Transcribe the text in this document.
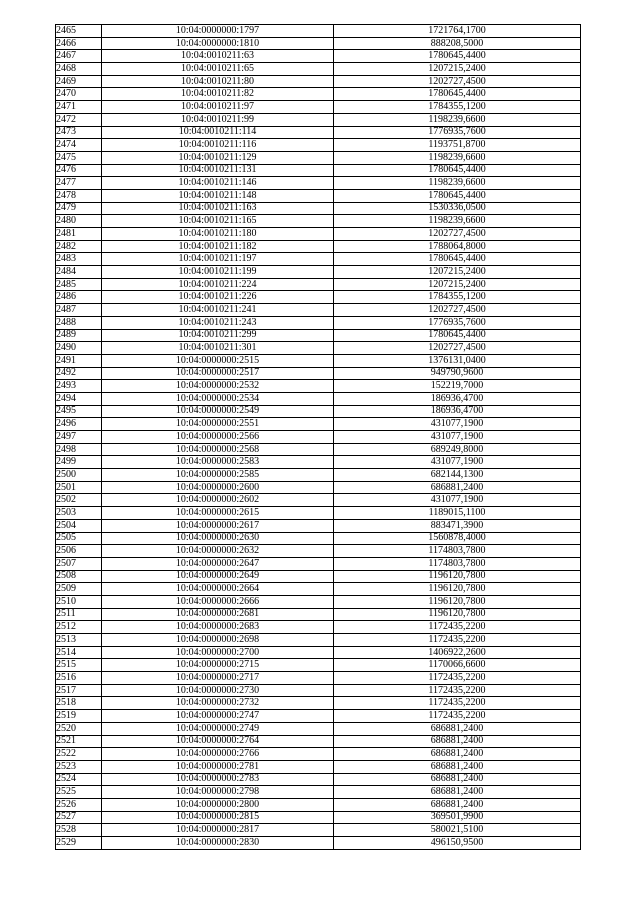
2465	10:04:0000000:1797	1721764,1700
2466	10:04:0000000:1810	888208,5000
2467	10:04:0010211:63	1780645,4400
2468	10:04:0010211:65	1207215,2400
2469	10:04:0010211:80	1202727,4500
2470	10:04:0010211:82	1780645,4400
2471	10:04:0010211:97	1784355,1200
2472	10:04:0010211:99	1198239,6600
2473	10:04:0010211:114	1776935,7600
2474	10:04:0010211:116	1193751,8700
2475	10:04:0010211:129	1198239,6600
2476	10:04:0010211:131	1780645,4400
2477	10:04:0010211:146	1198239,6600
2478	10:04:0010211:148	1780645,4400
2479	10:04:0010211:163	1530336,0500
2480	10:04:0010211:165	1198239,6600
2481	10:04:0010211:180	1202727,4500
2482	10:04:0010211:182	1788064,8000
2483	10:04:0010211:197	1780645,4400
2484	10:04:0010211:199	1207215,2400
2485	10:04:0010211:224	1207215,2400
2486	10:04:0010211:226	1784355,1200
2487	10:04:0010211:241	1202727,4500
2488	10:04:0010211:243	1776935,7600
2489	10:04:0010211:299	1780645,4400
2490	10:04:0010211:301	1202727,4500
2491	10:04:0000000:2515	1376131,0400
2492	10:04:0000000:2517	949790,9600
2493	10:04:0000000:2532	152219,7000
2494	10:04:0000000:2534	186936,4700
2495	10:04:0000000:2549	186936,4700
2496	10:04:0000000:2551	431077,1900
2497	10:04:0000000:2566	431077,1900
2498	10:04:0000000:2568	689249,8000
2499	10:04:0000000:2583	431077,1900
2500	10:04:0000000:2585	682144,1300
2501	10:04:0000000:2600	686881,2400
2502	10:04:0000000:2602	431077,1900
2503	10:04:0000000:2615	1189015,1100
2504	10:04:0000000:2617	883471,3900
2505	10:04:0000000:2630	1560878,4000
2506	10:04:0000000:2632	1174803,7800
2507	10:04:0000000:2647	1174803,7800
2508	10:04:0000000:2649	1196120,7800
2509	10:04:0000000:2664	1196120,7800
2510	10:04:0000000:2666	1196120,7800
2511	10:04:0000000:2681	1196120,7800
2512	10:04:0000000:2683	1172435,2200
2513	10:04:0000000:2698	1172435,2200
2514	10:04:0000000:2700	1406922,2600
2515	10:04:0000000:2715	1170066,6600
2516	10:04:0000000:2717	1172435,2200
2517	10:04:0000000:2730	1172435,2200
2518	10:04:0000000:2732	1172435,2200
2519	10:04:0000000:2747	1172435,2200
2520	10:04:0000000:2749	686881,2400
2521	10:04:0000000:2764	686881,2400
2522	10:04:0000000:2766	686881,2400
2523	10:04:0000000:2781	686881,2400
2524	10:04:0000000:2783	686881,2400
2525	10:04:0000000:2798	686881,2400
2526	10:04:0000000:2800	686881,2400
2527	10:04:0000000:2815	369501,9900
2528	10:04:0000000:2817	580021,5100
2529	10:04:0000000:2830	496150,9500
